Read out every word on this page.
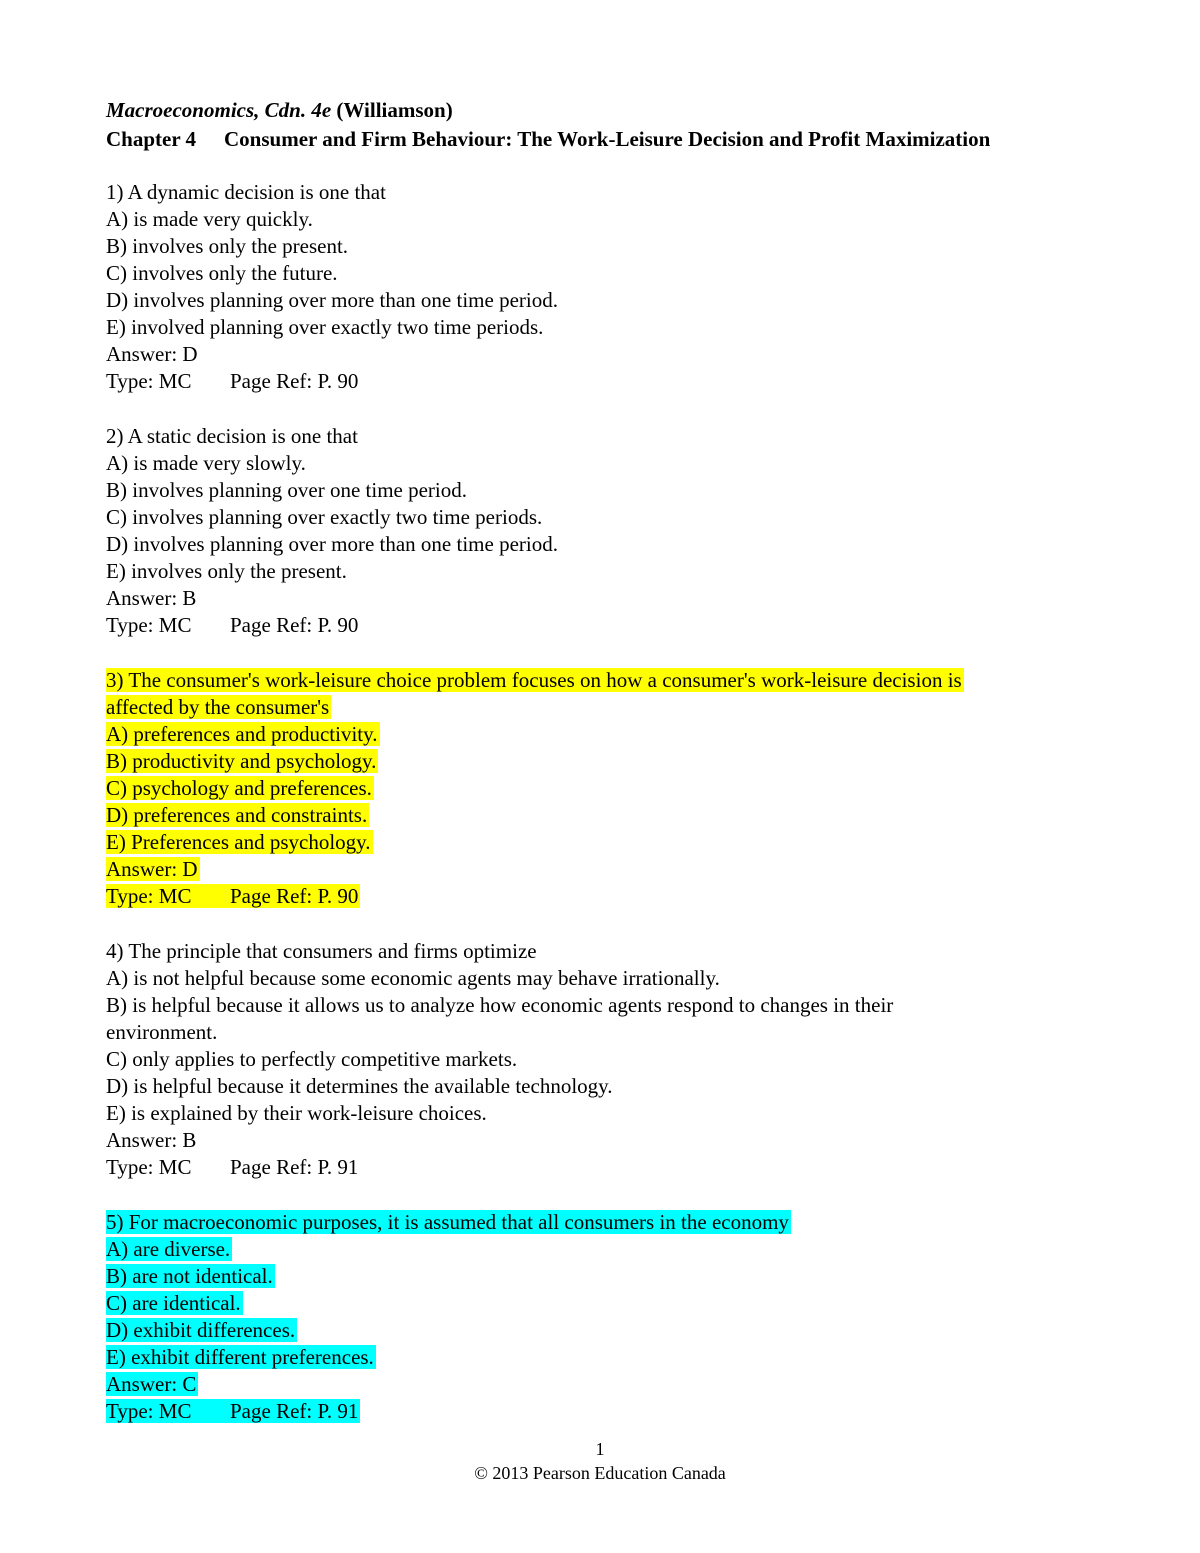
Macroeconomics, Cdn. 4e (Williamson)
Chapter 4 Consumer and Firm Behaviour: The Work-Leisure Decision and Profit Maximization
1) A dynamic decision is one that
A) is made very quickly.
B) involves only the present.
C) involves only the future.
D) involves planning over more than one time period.
E) involved planning over exactly two time periods.
Answer: D
Type: MC Page Ref: P. 90
2) A static decision is one that
A) is made very slowly.
B) involves planning over one time period.
C) involves planning over exactly two time periods.
D) involves planning over more than one time period.
E) involves only the present.
Answer: B
Type: MC Page Ref: P. 90
3) The consumer's work-leisure choice problem focuses on how a consumer's work-leisure decision is
affected by the consumer's
A) preferences and productivity.
B) productivity and psychology.
C) psychology and preferences.
D) preferences and constraints.
E) Preferences and psychology.
Answer: D
Type: MC Page Ref: P. 90
4) The principle that consumers and firms optimize
A) is not helpful because some economic agents may behave irrationally.
B) is helpful because it allows us to analyze how economic agents respond to changes in their
environment.
C) only applies to perfectly competitive markets.
D) is helpful because it determines the available technology.
E) is explained by their work-leisure choices.
Answer: B
Type: MC Page Ref: P. 91
5) For macroeconomic purposes, it is assumed that all consumers in the economy
A) are diverse.
B) are not identical.
C) are identical.
D) exhibit differences.
E) exhibit different preferences.
Answer: C
Type: MC Page Ref: P. 91
1
© 2013 Pearson Education Canada
